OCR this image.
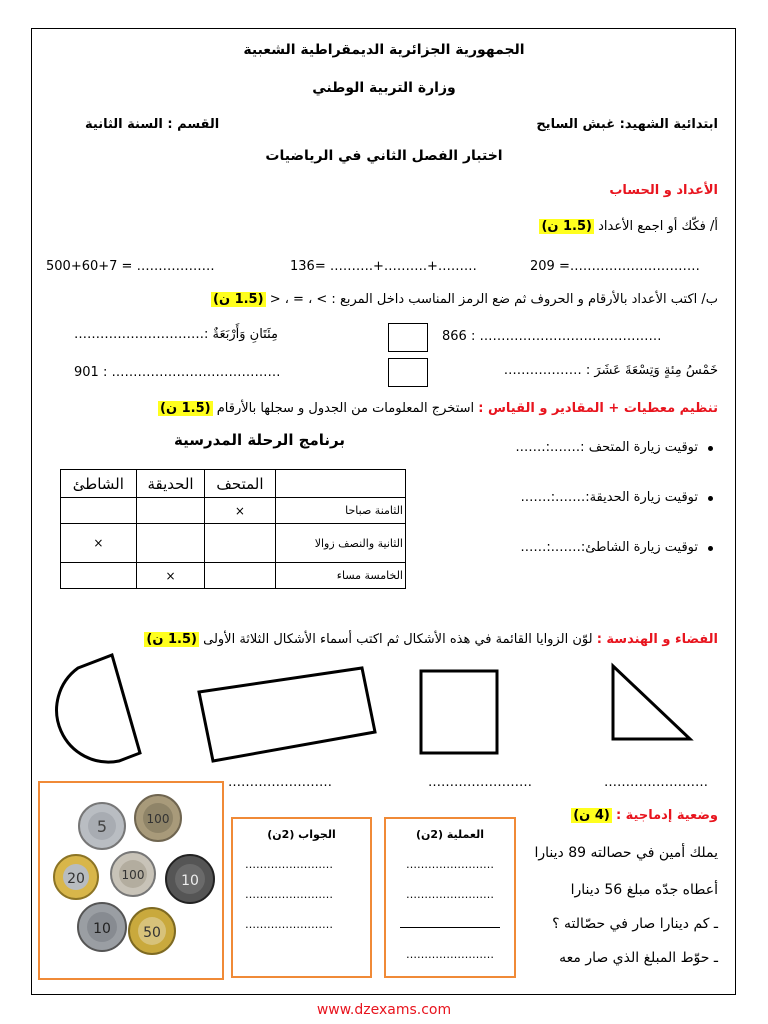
الجمهورية الجزائرية الديمقراطية الشعبية
وزارة التربية الوطني
ابتدائية الشهيد: غبش السايح
القسم : السنة الثانية
اختبار الفصل الثاني في الرياضيات
الأعداد و الحساب
أ/ فكّك أو اجمع الأعداد (1.5 ن)
500+60+7 = ………………	136= ……….+……….+………	209 =…………………………
ب/ اكتب الأعداد بالأرقام و الحروف ثم ضع الرمز المناسب داخل المربع : > ، = ، < (1.5 ن)
866 : ……………………………………
مِئَتَانِ وَأَرْبَعَةٌ :…………………………
خَمْسُ مِئةٍ وَتِسْعَةَ عَشَرَ : ………………
901 : …………………………………
تنظيم معطيات + المقادير و القياس : استخرج المعلومات من الجدول و سجلها بالأرقام (1.5 ن)
برنامج الرحلة المدرسية
الشاطئ	الحديقة	المتحف	
		×	الثامنة صباحا
×			الثانية والنصف زوالا
	×		الخامسة مساء
توقيت زيارة المتحف :…….:…….
توقيت زيارة الحديقة:…….:…….
توقيت زيارة الشاطئ:…….:……
الفضاء و الهندسة : لوّن الزوايا القائمة في هذه الأشكال ثم اكتب أسماء الأشكال الثلاثة الأولى (1.5 ن)
……………………	……………………	……………………
وضعية إدماجية : (4 ن)
يملك أمين في حصالته 89 دينارا
أعطاه جدّه مبلغ 56 دينارا
ـ كم دينارا صار في حصّالته ؟
ـ حوّط المبلغ الذي صار معه
العملية (2ن)
……………………
……………………
……………………
الجواب (2ن)
……………………
……………………
……………………
5	100
20	100	10
10 50
www.dzexams.com
